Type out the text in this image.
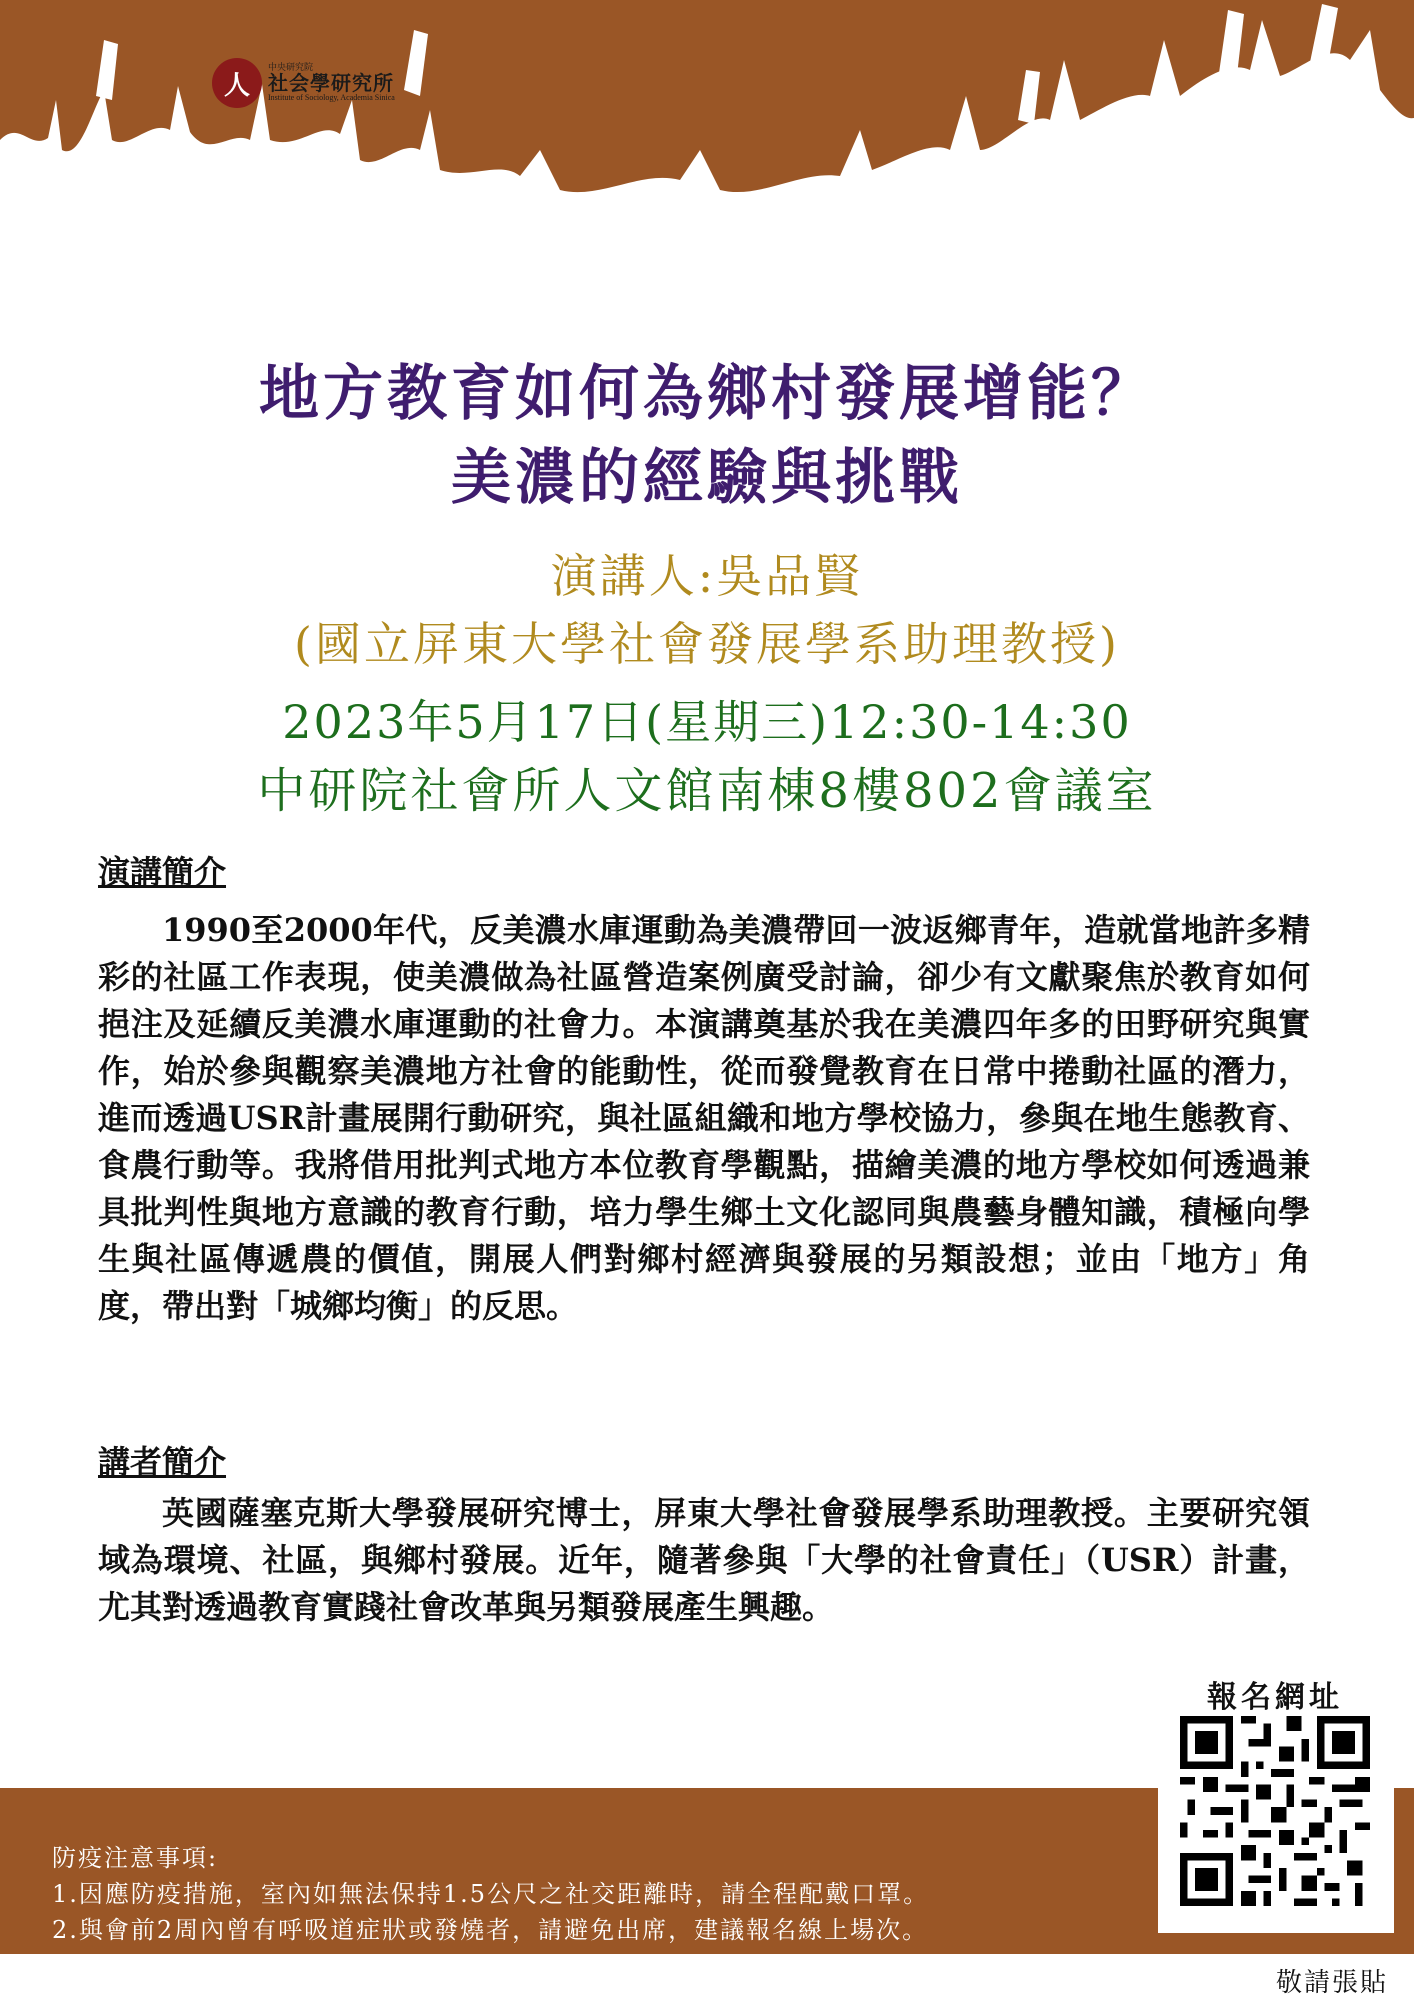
人
中央研究院
社会學研究所
Institute of Sociology, Academia Sinica
地方教育如何為鄉村發展增能？
美濃的經驗與挑戰
演講人:吳品賢
(國立屏東大學社會發展學系助理教授)
2023年5月17日(星期三)12:30-14:30
中研院社會所人文館南棟8樓802會議室
演講簡介

1990至2000年代，反美濃水庫運動為美濃帶回一波返鄉青年，造就當地許多精彩的社區工作表現，使美濃做為社區營造案例廣受討論，卻少有文獻聚焦於教育如何挹注及延續反美濃水庫運動的社會力。本演講奠基於我在美濃四年多的田野研究與實作，始於參與觀察美濃地方社會的能動性，從而發覺教育在日常中捲動社區的潛力，進而透過USR計畫展開行動研究，與社區組織和地方學校協力，參與在地生態教育、食農行動等。我將借用批判式地方本位教育學觀點，描繪美濃的地方學校如何透過兼具批判性與地方意識的教育行動，培力學生鄉土文化認同與農藝身體知識，積極向學生與社區傳遞農的價值，開展人們對鄉村經濟與發展的另類設想；並由「地方」角度，帶出對「城鄉均衡」的反思。

講者簡介

英國薩塞克斯大學發展研究博士，屏東大學社會發展學系助理教授。主要研究領域為環境、社區，與鄉村發展。近年，隨著參與「大學的社會責任」（USR）計畫，尤其對透過教育實踐社會改革與另類發展產生興趣。

防疫注意事項:
1.因應防疫措施，室內如無法保持1.5公尺之社交距離時，請全程配戴口罩。
2.與會前2周內曾有呼吸道症狀或發燒者，請避免出席，建議報名線上場次。
報名網址
敬請張貼
